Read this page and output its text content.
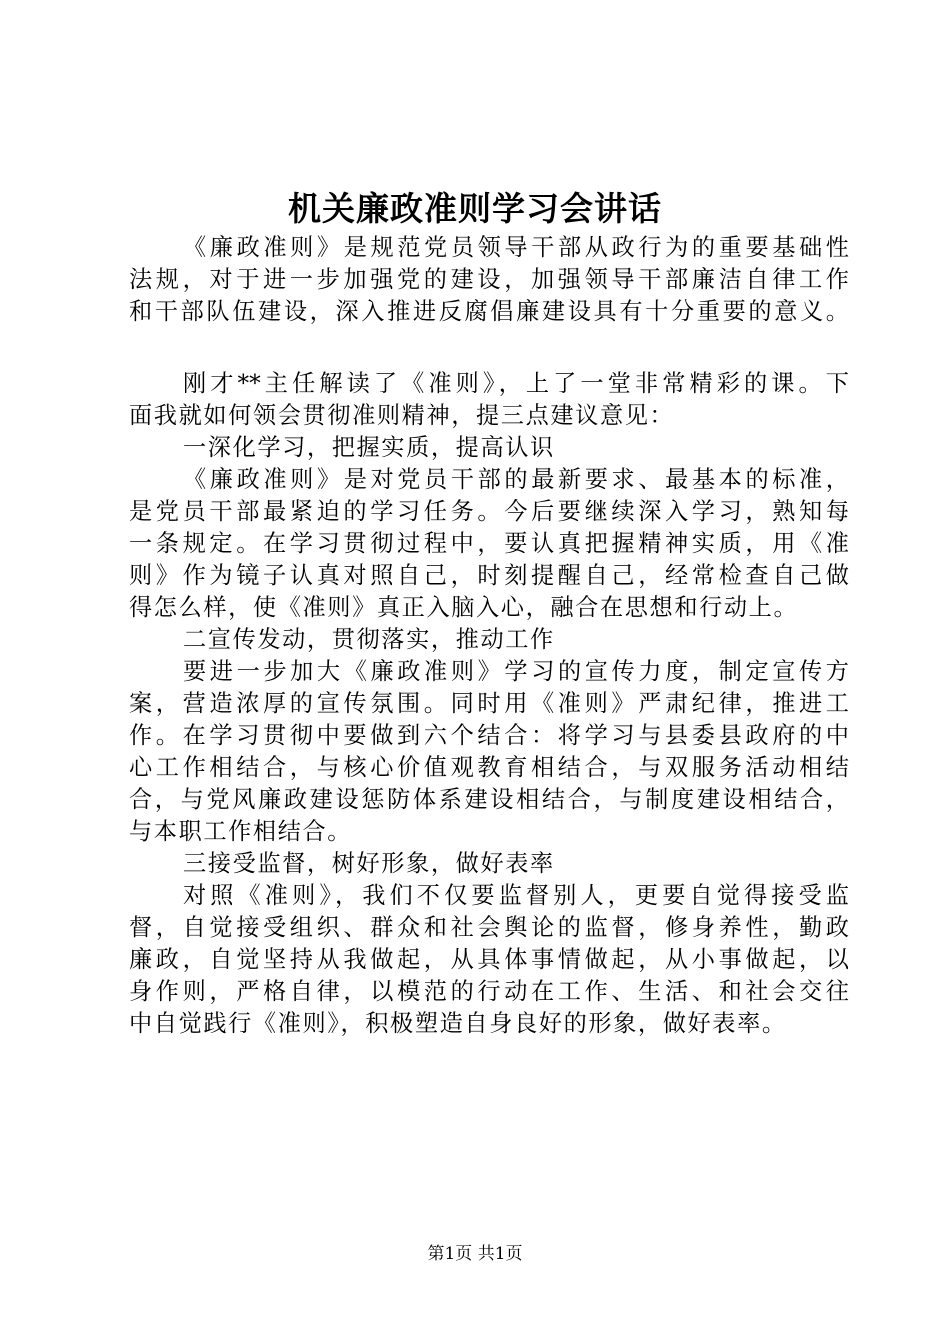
机关廉政准则学习会讲话
《廉政准则》是规范党员领导干部从政行为的重要基础性
法规，对于进一步加强党的建设，加强领导干部廉洁自律工作
和干部队伍建设，深入推进反腐倡廉建设具有十分重要的意义。
刚才**主任解读了《准则》，上了一堂非常精彩的课。下
面我就如何领会贯彻准则精神，提三点建议意见：
一深化学习，把握实质，提高认识
《廉政准则》是对党员干部的最新要求、最基本的标准，
是党员干部最紧迫的学习任务。今后要继续深入学习，熟知每
一条规定。在学习贯彻过程中，要认真把握精神实质，用《准
则》作为镜子认真对照自己，时刻提醒自己，经常检查自己做
得怎么样，使《准则》真正入脑入心，融合在思想和行动上。
二宣传发动，贯彻落实，推动工作
要进一步加大《廉政准则》学习的宣传力度，制定宣传方
案，营造浓厚的宣传氛围。同时用《准则》严肃纪律，推进工
作。在学习贯彻中要做到六个结合：将学习与县委县政府的中
心工作相结合，与核心价值观教育相结合，与双服务活动相结
合，与党风廉政建设惩防体系建设相结合，与制度建设相结合，
与本职工作相结合。
三接受监督，树好形象，做好表率
对照《准则》，我们不仅要监督别人，更要自觉得接受监
督，自觉接受组织、群众和社会舆论的监督，修身养性，勤政
廉政，自觉坚持从我做起，从具体事情做起，从小事做起，以
身作则，严格自律，以模范的行动在工作、生活、和社会交往
中自觉践行《准则》，积极塑造自身良好的形象，做好表率。
第1页 共1页
